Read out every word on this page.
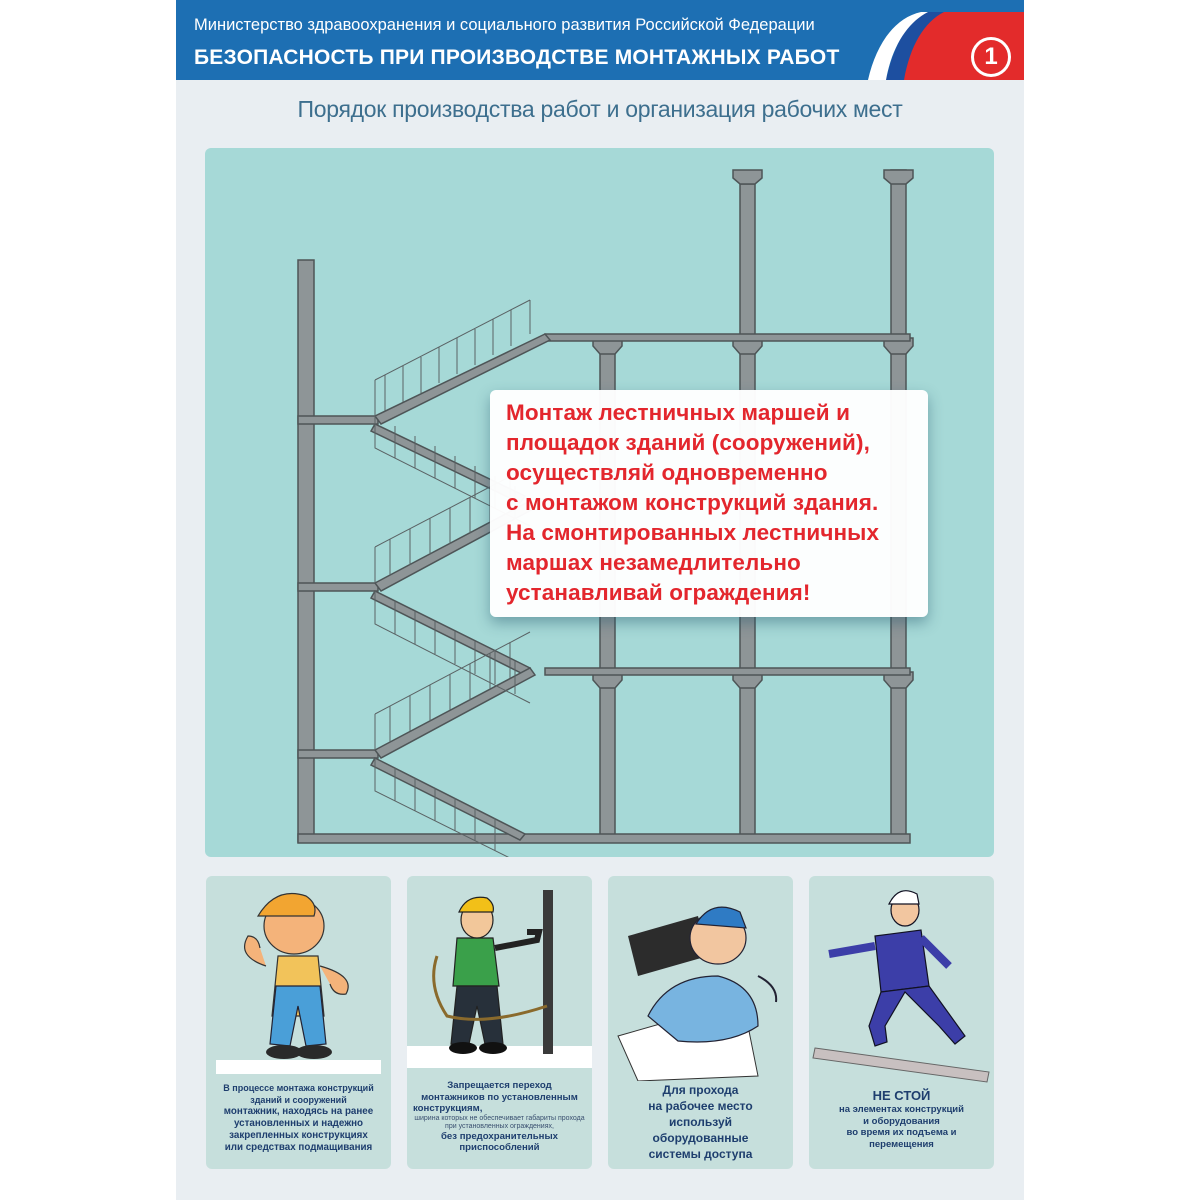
Министерство здравоохранения и социального развития Российской Федерации
БЕЗОПАСНОСТЬ ПРИ ПРОИЗВОДСТВЕ МОНТАЖНЫХ РАБОТ	1
Порядок производства работ и организация рабочих мест
Монтаж лестничных маршей и
площадок зданий (сооружений),
осуществляй одновременно
с монтажом конструкций здания.
На смонтированных лестничных
маршах незамедлительно
устанавливай ограждения!
В процессе монтажа конструкций
зданий и сооружений
монтажник, находясь на ранее
установленных и надежно
закрепленных конструкциях
или средствах подмащивания
Запрещается переход
монтажников по установленным
конструкциям,
ширина которых не обеспечивает габариты прохода при установленных ограждениях,
без предохранительных
приспособлений
Для прохода
на рабочее место
используй
оборудованные
системы доступа
НЕ СТОЙ
на элементах конструкций
и оборудования
во время их подъема и
перемещения
